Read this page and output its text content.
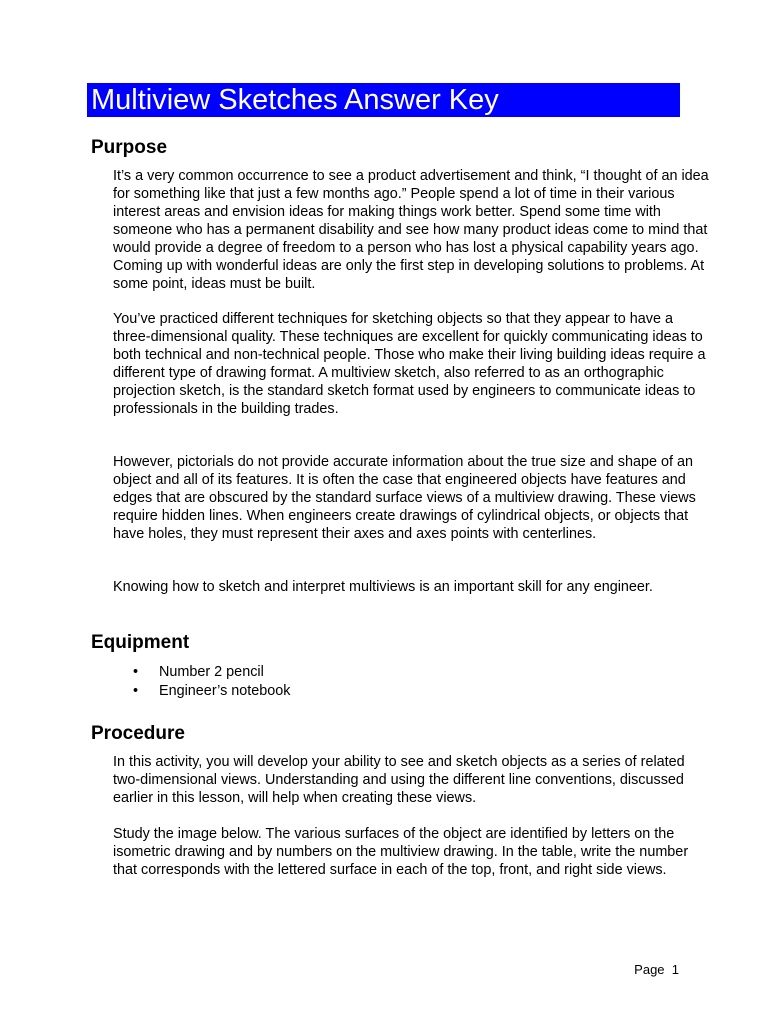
Multiview Sketches Answer Key
Purpose

It’s a very common occurrence to see a product advertisement and think, “I thought of an idea for something like that just a few months ago.” People spend a lot of time in their various interest areas and envision ideas for making things work better. Spend some time with someone who has a permanent disability and see how many product ideas come to mind that would provide a degree of freedom to a person who has lost a physical capability years ago. Coming up with wonderful ideas are only the first step in developing solutions to problems. At some point, ideas must be built.

You’ve practiced different techniques for sketching objects so that they appear to have a three-dimensional quality. These techniques are excellent for quickly communicating ideas to both technical and non-technical people. Those who make their living building ideas require a different type of drawing format. A multiview sketch, also referred to as an orthographic projection sketch, is the standard sketch format used by engineers to communicate ideas to professionals in the building trades.

However, pictorials do not provide accurate information about the true size and shape of an object and all of its features. It is often the case that engineered objects have features and edges that are obscured by the standard surface views of a multiview drawing. These views require hidden lines. When engineers create drawings of cylindrical objects, or objects that have holes, they must represent their axes and axes points with centerlines.

Knowing how to sketch and interpret multiviews is an important skill for any engineer.

Equipment
• Number 2 pencil
• Engineer’s notebook
Procedure

In this activity, you will develop your ability to see and sketch objects as a series of related two-dimensional views. Understanding and using the different line conventions, discussed earlier in this lesson, will help when creating these views.

Study the image below. The various surfaces of the object are identified by letters on the isometric drawing and by numbers on the multiview drawing. In the table, write the number that corresponds with the lettered surface in each of the top, front, and right side views.

Page  1
